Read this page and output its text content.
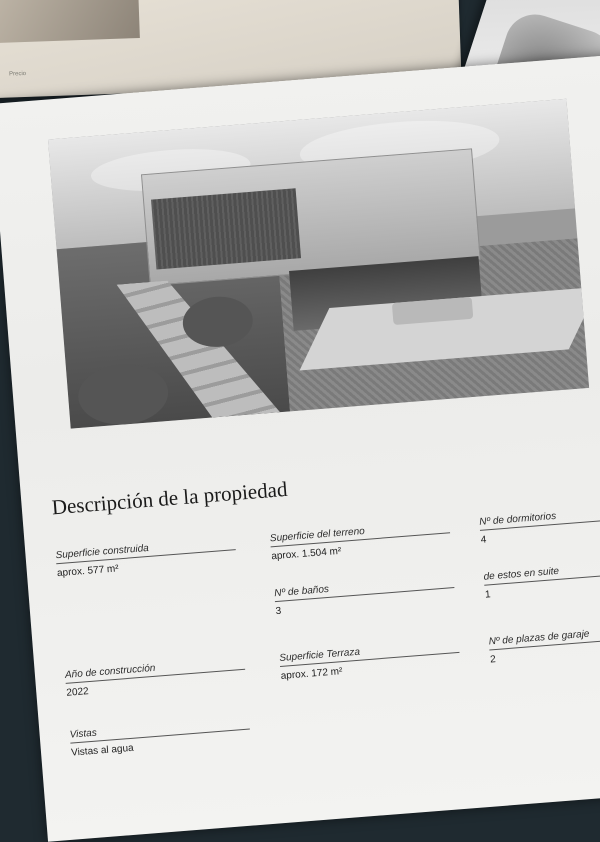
Precio
Descripción de la propiedad
Superficie construida
aprox. 577 m²
Superficie del terreno
aprox. 1.504 m²
Nº de dormitorios
4
Nº de baños
3
de estos en suite
1
Año de construcción
2022
Superficie Terraza
aprox. 172 m²
Nº de plazas de garaje
2
Vistas
Vistas al agua
